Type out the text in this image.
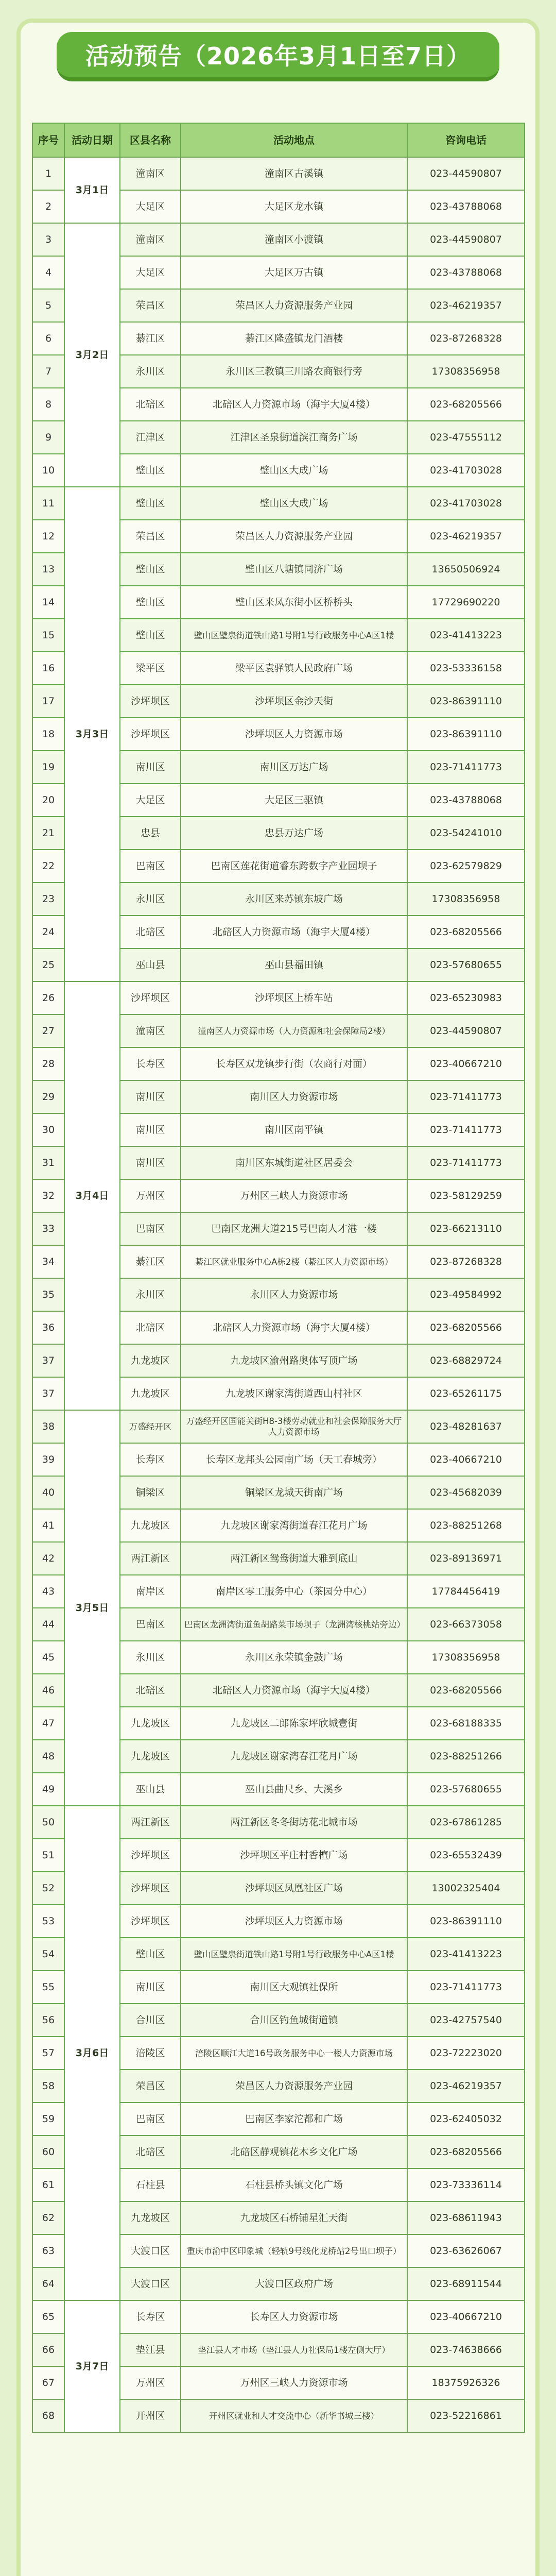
活动预告（2026年3月1日至7日）
序号	活动日期	区县名称	活动地点	咨询电话
1	3月1日	潼南区	潼南区古溪镇	023-44590807
2		大足区	大足区龙水镇	023-43788068
3	3月2日	潼南区	潼南区小渡镇	023-44590807
4		大足区	大足区万古镇	023-43788068
5		荣昌区	荣昌区人力资源服务产业园	023-46219357
6		綦江区	綦江区隆盛镇龙门酒楼	023-87268328
7		永川区	永川区三教镇三川路农商银行旁	17308356958
8		北碚区	北碚区人力资源市场（海宇大厦4楼）	023-68205566
9		江津区	江津区圣泉街道滨江商务广场	023-47555112
10		璧山区	璧山区大成广场	023-41703028
11	3月3日	璧山区	璧山区大成广场	023-41703028
12		荣昌区	荣昌区人力资源服务产业园	023-46219357
13		璧山区	璧山区八塘镇同济广场	13650506924
14		璧山区	璧山区来凤东街小区桥桥头	17729690220
15		璧山区	璧山区璧泉街道铁山路1号附1号行政服务中心A区1楼	023-41413223
16		梁平区	梁平区袁驿镇人民政府广场	023-53336158
17		沙坪坝区	沙坪坝区金沙天街	023-86391110
18		沙坪坝区	沙坪坝区人力资源市场	023-86391110
19		南川区	南川区万达广场	023-71411773
20		大足区	大足区三驱镇	023-43788068
21		忠县	忠县万达广场	023-54241010
22		巴南区	巴南区莲花街道睿东跨数字产业园坝子	023-62579829
23		永川区	永川区来苏镇东坡广场	17308356958
24		北碚区	北碚区人力资源市场（海宇大厦4楼）	023-68205566
25		巫山县	巫山县福田镇	023-57680655
26	3月4日	沙坪坝区	沙坪坝区上桥车站	023-65230983
27		潼南区	潼南区人力资源市场（人力资源和社会保障局2楼）	023-44590807
28		长寿区	长寿区双龙镇步行街（农商行对面）	023-40667210
29		南川区	南川区人力资源市场	023-71411773
30		南川区	南川区南平镇	023-71411773
31		南川区	南川区东城街道社区居委会	023-71411773
32		万州区	万州区三峡人力资源市场	023-58129259
33		巴南区	巴南区龙洲大道215号巴南人才港一楼	023-66213110
34		綦江区	綦江区就业服务中心A栋2楼（綦江区人力资源市场）	023-87268328
35		永川区	永川区人力资源市场	023-49584992
36		北碚区	北碚区人力资源市场（海宇大厦4楼）	023-68205566
37		九龙坡区	九龙坡区渝州路奥体写顶广场	023-68829724
37		九龙坡区	九龙坡区谢家湾街道西山村社区	023-65261175
38	3月5日	万盛经开区	万盛经开区国能关街H8-3楼劳动就业和社会保障服务大厅人力资源市场	023-48281637
39		长寿区	长寿区龙邦头公园南广场（天工春城旁）	023-40667210
40		铜梁区	铜梁区龙城天街南广场	023-45682039
41		九龙坡区	九龙坡区谢家湾街道春江花月广场	023-88251268
42		两江新区	两江新区鸳鸯街道大雅到底山	023-89136971
43		南岸区	南岸区零工服务中心（茶园分中心）	17784456419
44		巴南区	巴南区龙洲湾街道鱼胡路菜市场坝子（龙洲湾核桃站旁边）	023-66373058
45		永川区	永川区永荣镇金鼓广场	17308356958
46		北碚区	北碚区人力资源市场（海宇大厦4楼）	023-68205566
47		九龙坡区	九龙坡区二郎陈家坪欣城壹街	023-68188335
48		九龙坡区	九龙坡区谢家湾春江花月广场	023-88251266
49		巫山县	巫山县曲尺乡、大溪乡	023-57680655
50	3月6日	两江新区	两江新区冬冬街坊花北城市场	023-67861285
51		沙坪坝区	沙坪坝区平庄村香檀广场	023-65532439
52		沙坪坝区	沙坪坝区凤凰社区广场	13002325404
53		沙坪坝区	沙坪坝区人力资源市场	023-86391110
54		璧山区	璧山区璧泉街道铁山路1号附1号行政服务中心A区1楼	023-41413223
55		南川区	南川区大观镇社保所	023-71411773
56		合川区	合川区钓鱼城街道镇	023-42757540
57		涪陵区	涪陵区顺江大道16号政务服务中心一楼人力资源市场	023-72223020
58		荣昌区	荣昌区人力资源服务产业园	023-46219357
59		巴南区	巴南区李家沱都和广场	023-62405032
60		北碚区	北碚区静观镇花木乡文化广场	023-68205566
61		石柱县	石柱县桥头镇文化广场	023-73336114
62		九龙坡区	九龙坡区石桥铺星汇天街	023-68611943
63		大渡口区	重庆市渝中区印象城（轻轨9号线化龙桥站2号出口坝子）	023-63626067
64		大渡口区	大渡口区政府广场	023-68911544
65	3月7日	长寿区	长寿区人力资源市场	023-40667210
66		垫江县	垫江县人才市场（垫江县人力社保局1楼左侧大厅）	023-74638666
67		万州区	万州区三峡人力资源市场	18375926326
68		开州区	开州区就业和人才交流中心（新华书城三楼）	023-52216861
